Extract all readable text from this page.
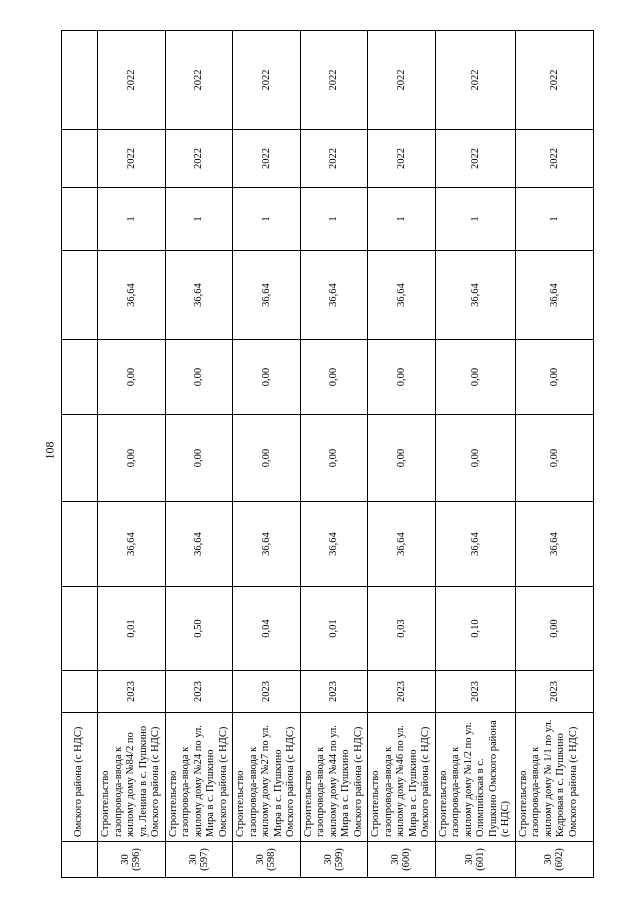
108
	Омского района (с НДС)									

30 (596)	Строительство газопровода-ввода к жилому дому №84/2 по ул. Ленина в с. Пушкино Омского района (с НДС)	2023	0,01	36,64	0,00	0,00	36,64	1	2022	2022

30 (597)	Строительство газопровода-ввода к жилому дому №24 по ул. Мира в с. Пушкино Омского района (с НДС)	2023	0,50	36,64	0,00	0,00	36,64	1	2022	2022

30 (598)	Строительство газопровода-ввода к жилому дому №27 по ул. Мира в с. Пушкино Омского района (с НДС)	2023	0,04	36,64	0,00	0,00	36,64	1	2022	2022

30 (599)	Строительство газопровода-ввода к жилому дому №44 по ул. Мира в с. Пушкино Омского района (с НДС)	2023	0,01	36,64	0,00	0,00	36,64	1	2022	2022

30 (600)	Строительство газопровода-ввода к жилому дому №46 по ул. Мира в с. Пушкино Омского района (с НДС)	2023	0,03	36,64	0,00	0,00	36,64	1	2022	2022

30 (601)	Строительство газопровода-ввода к жилому дому №1/2 по ул. Олимпийская в с. Пушкино Омского района (с НДС)	2023	0,10	36,64	0,00	0,00	36,64	1	2022	2022

30 (602)	Строительство газопровода-ввода к жилому дому № 1/1 по ул. Кедровая в с. Пушкино Омского района (с НДС)	2023	0,00	36,64	0,00	0,00	36,64	1	2022	2022
